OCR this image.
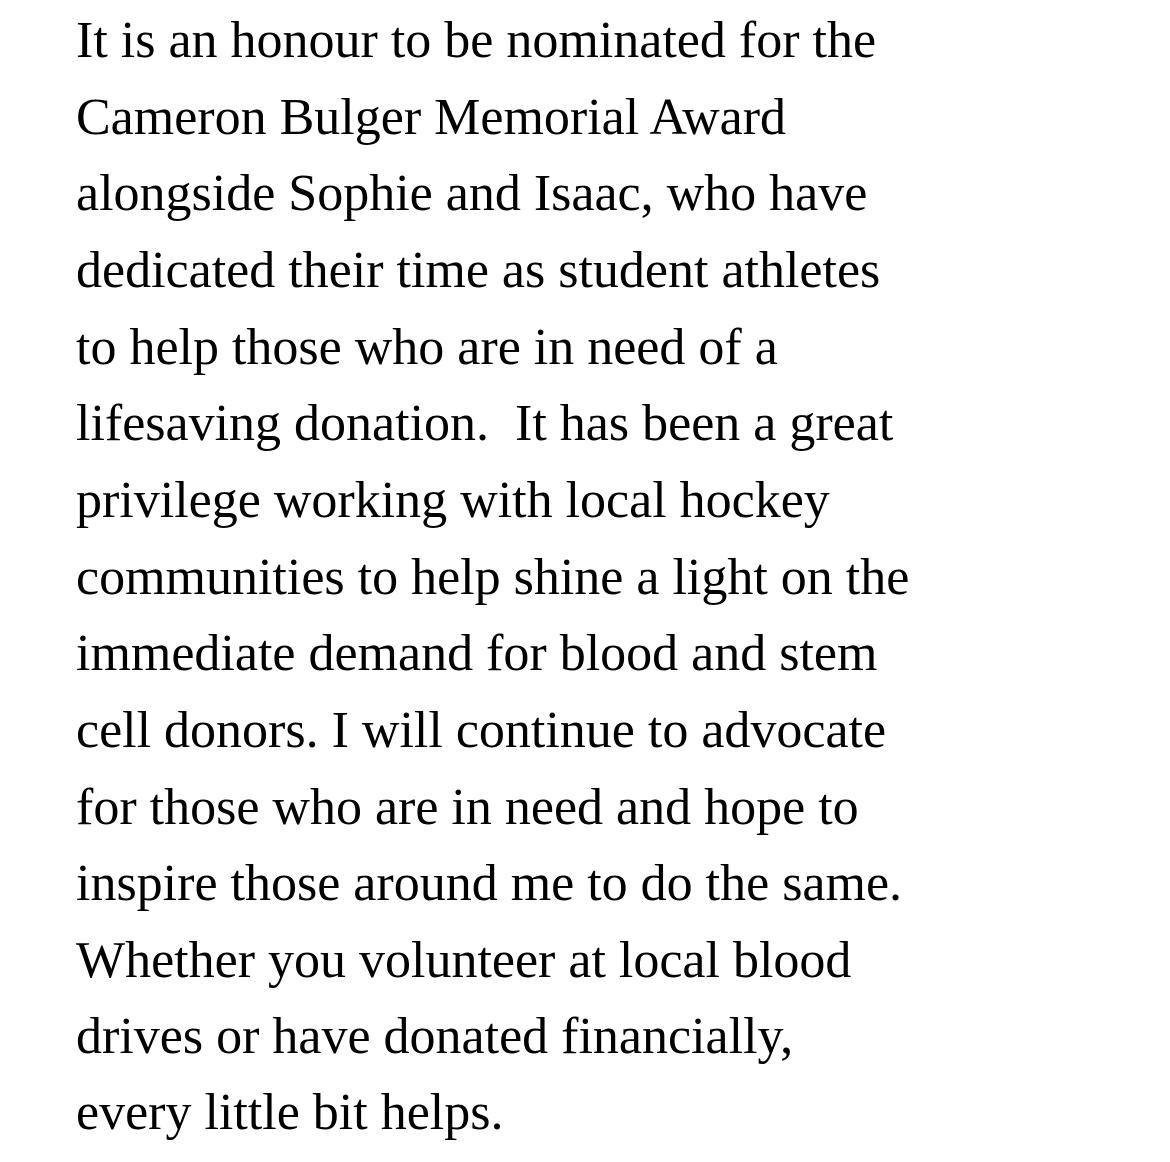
It is an honour to be nominated for the

Cameron Bulger Memorial Award

alongside Sophie and Isaac, who have

dedicated their time as student athletes

to help those who are in need of a

lifesaving donation.  It has been a great

privilege working with local hockey

communities to help shine a light on the

immediate demand for blood and stem

cell donors. I will continue to advocate

for those who are in need and hope to

inspire those around me to do the same.

Whether you volunteer at local blood

drives or have donated financially,

every little bit helps.
